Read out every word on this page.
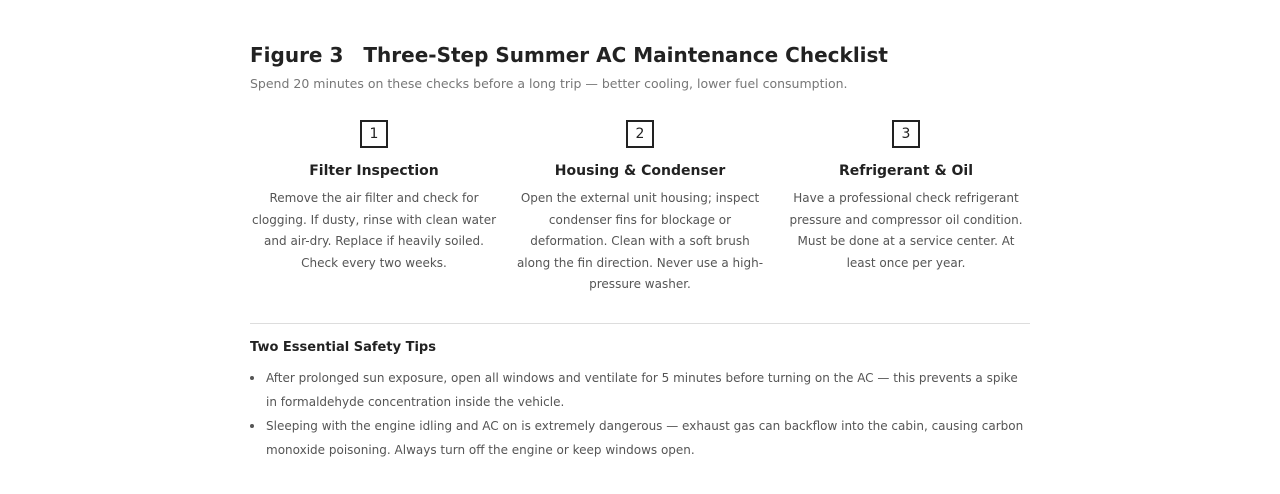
Figure 3 Three-Step Summer AC Maintenance Checklist

Spend 20 minutes on these checks before a long trip — better cooling, lower fuel consumption.

1
Filter Inspection
Remove the air filter and check for clogging. If dusty, rinse with clean water and air-dry. Replace if heavily soiled. Check every two weeks.
2
Housing & Condenser
Open the external unit housing; inspect condenser fins for blockage or deformation. Clean with a soft brush along the fin direction. Never use a high-pressure washer.
3
Refrigerant & Oil
Have a professional check refrigerant pressure and compressor oil condition. Must be done at a service center. At least once per year.
Two Essential Safety Tips
After prolonged sun exposure, open all windows and ventilate for 5 minutes before turning on the AC — this prevents a spike in formaldehyde concentration inside the vehicle.
Sleeping with the engine idling and AC on is extremely dangerous — exhaust gas can backflow into the cabin, causing carbon monoxide poisoning. Always turn off the engine or keep windows open.
